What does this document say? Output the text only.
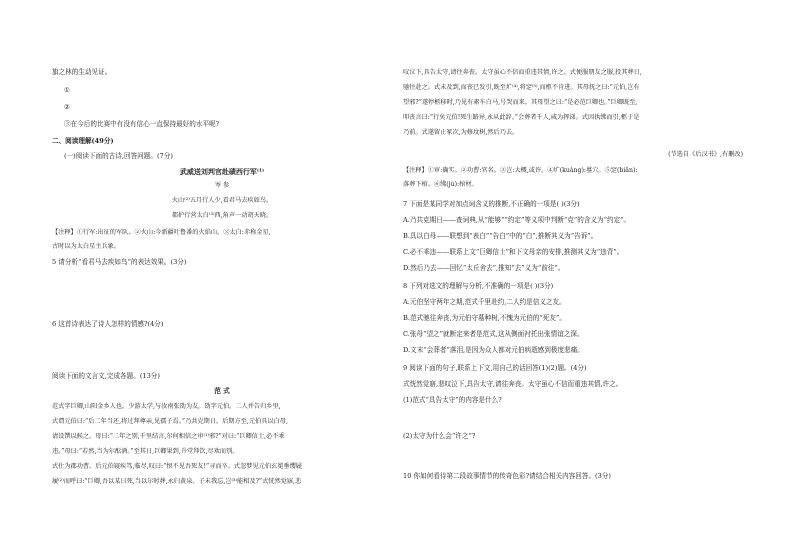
旗之林的生动见证。
①
②
③在今后的比赛中有没有信心一直保持最好的水平呢?
二、阅读理解(49分)
(一)阅读下面的古诗,回答问题。(7分)
武威送刘判官赴碛西行军⁽¹⁾
岑 参
火山⁽²⁾五月行人少,看君马去疾如鸟。
都护行营太白⁽³⁾西,角声一动胡天晓。
【注释】①行军:出征的军队。②火山:今新疆吐鲁番的火焰山。③太白:赤称金星,
古时以为太白星主兵象。
5 请分析“看君马去疾如鸟”的表达效果。(3分)
6 这首诗表达了诗人怎样的情感?(4分)
阅读下面的文言文,完成各题。(13分)
范 式
范式字巨卿,山阳金乡人也。少游太学,与汝南张劭为友。劭字元伯。二人并告归乡里,
式谓元伯曰:“后二年当还,将过拜尊亲,见孺子焉。”乃共克期日。后期方至,元伯具以白母,
请设馔以候之。母曰:“二年之别,千里结言,尔何相信之审⁽¹⁾邪?”对曰:“巨卿信士,必不乖
违。”母曰:“若然,当为尔酝酒。”至其日,巨卿果到,升堂拜饮,尽欢而别。
式仕为郡功曹。后元伯寝疾笃,临尽,叹曰:“恨不见吾死友!”寻而卒。式忽梦见元伯玄冕垂缨屣
履⁽²⁾而呼曰:“巨卿,吾以某日死,当以尔时葬,永归黄泉。子未我忘,岂⁽³⁾能相及?”式恍然觉寤,悲
叹泣下,具告太守,请往奔丧。太守虽心不信而重违其情,许之。式便服朋友之服,投其葬日,
驰往赴之。式未及到,而丧已发引,既至圹⁽⁴⁾,将窆⁽⁵⁾,而柩不肯进。其母抚之曰:“元伯,岂有
望邪?”遂停柩移时,乃见有素车白马,号哭而来。其母望之曰:“是必范巨卿也。”巨卿既至,
叩丧言曰:“行矣元伯!死生路异,永从此辞。”会葬者千人,咸为挥涕。式因执绋而引,柩于是
乃前。式遂留止冢次,为修坟树,然后乃去。
(节选自《后汉书》,有删改)
【注释】①审:确实。②功曹:官名。③岂:大概,或许。④圹(kuàng):墓穴。⑤窆(biǎn):
落葬下棺。⑥绋(jú):棺材。
7 下面是某同学对加点词含义的推断,不正确的一项是( )(3分)
A.乃共克期日——查词典,从“能够”“约定”等义项中判断“克”的含义为“约定”。
B.具以白母——联想到“表白”“告白”中的“白”,推断其义为“告诉”。
C.必不乖违——联系上文“巨卿信士”和下文母亲的安排,推测其义为“违背”。
D.然后乃去——回忆“太丘舍去”,推知“去”义为“前往”。
8 下列对选文的理解与分析,不准确的一项是( )(3分)
A.元伯坚守两年之期,范式千里赴约,二人约是信义之友。
B.范式驰往奔丧,为元伯守墓种树,不愧为元伯的“死友”。
C.张母“望之”就断定来者是范式,这从侧面衬托出张情谊之深。
D.文末“会葬者”落泪,是因为众人都对元伯病逝感到极度悲痛。
9 阅读下面的句子,联系上下文,用自己的话回答(1)(2)题。(4分)
式恍然觉寤,悲叹泣下,具告太守,请往奔丧。太守虽心不信而重违其情,许之。
(1)范式“具告太守”的内容是什么?
(2)太守为什么会“许之”?
10 你如何看待第二段故事情节的传奇色彩?请结合相关内容回答。(3分)
